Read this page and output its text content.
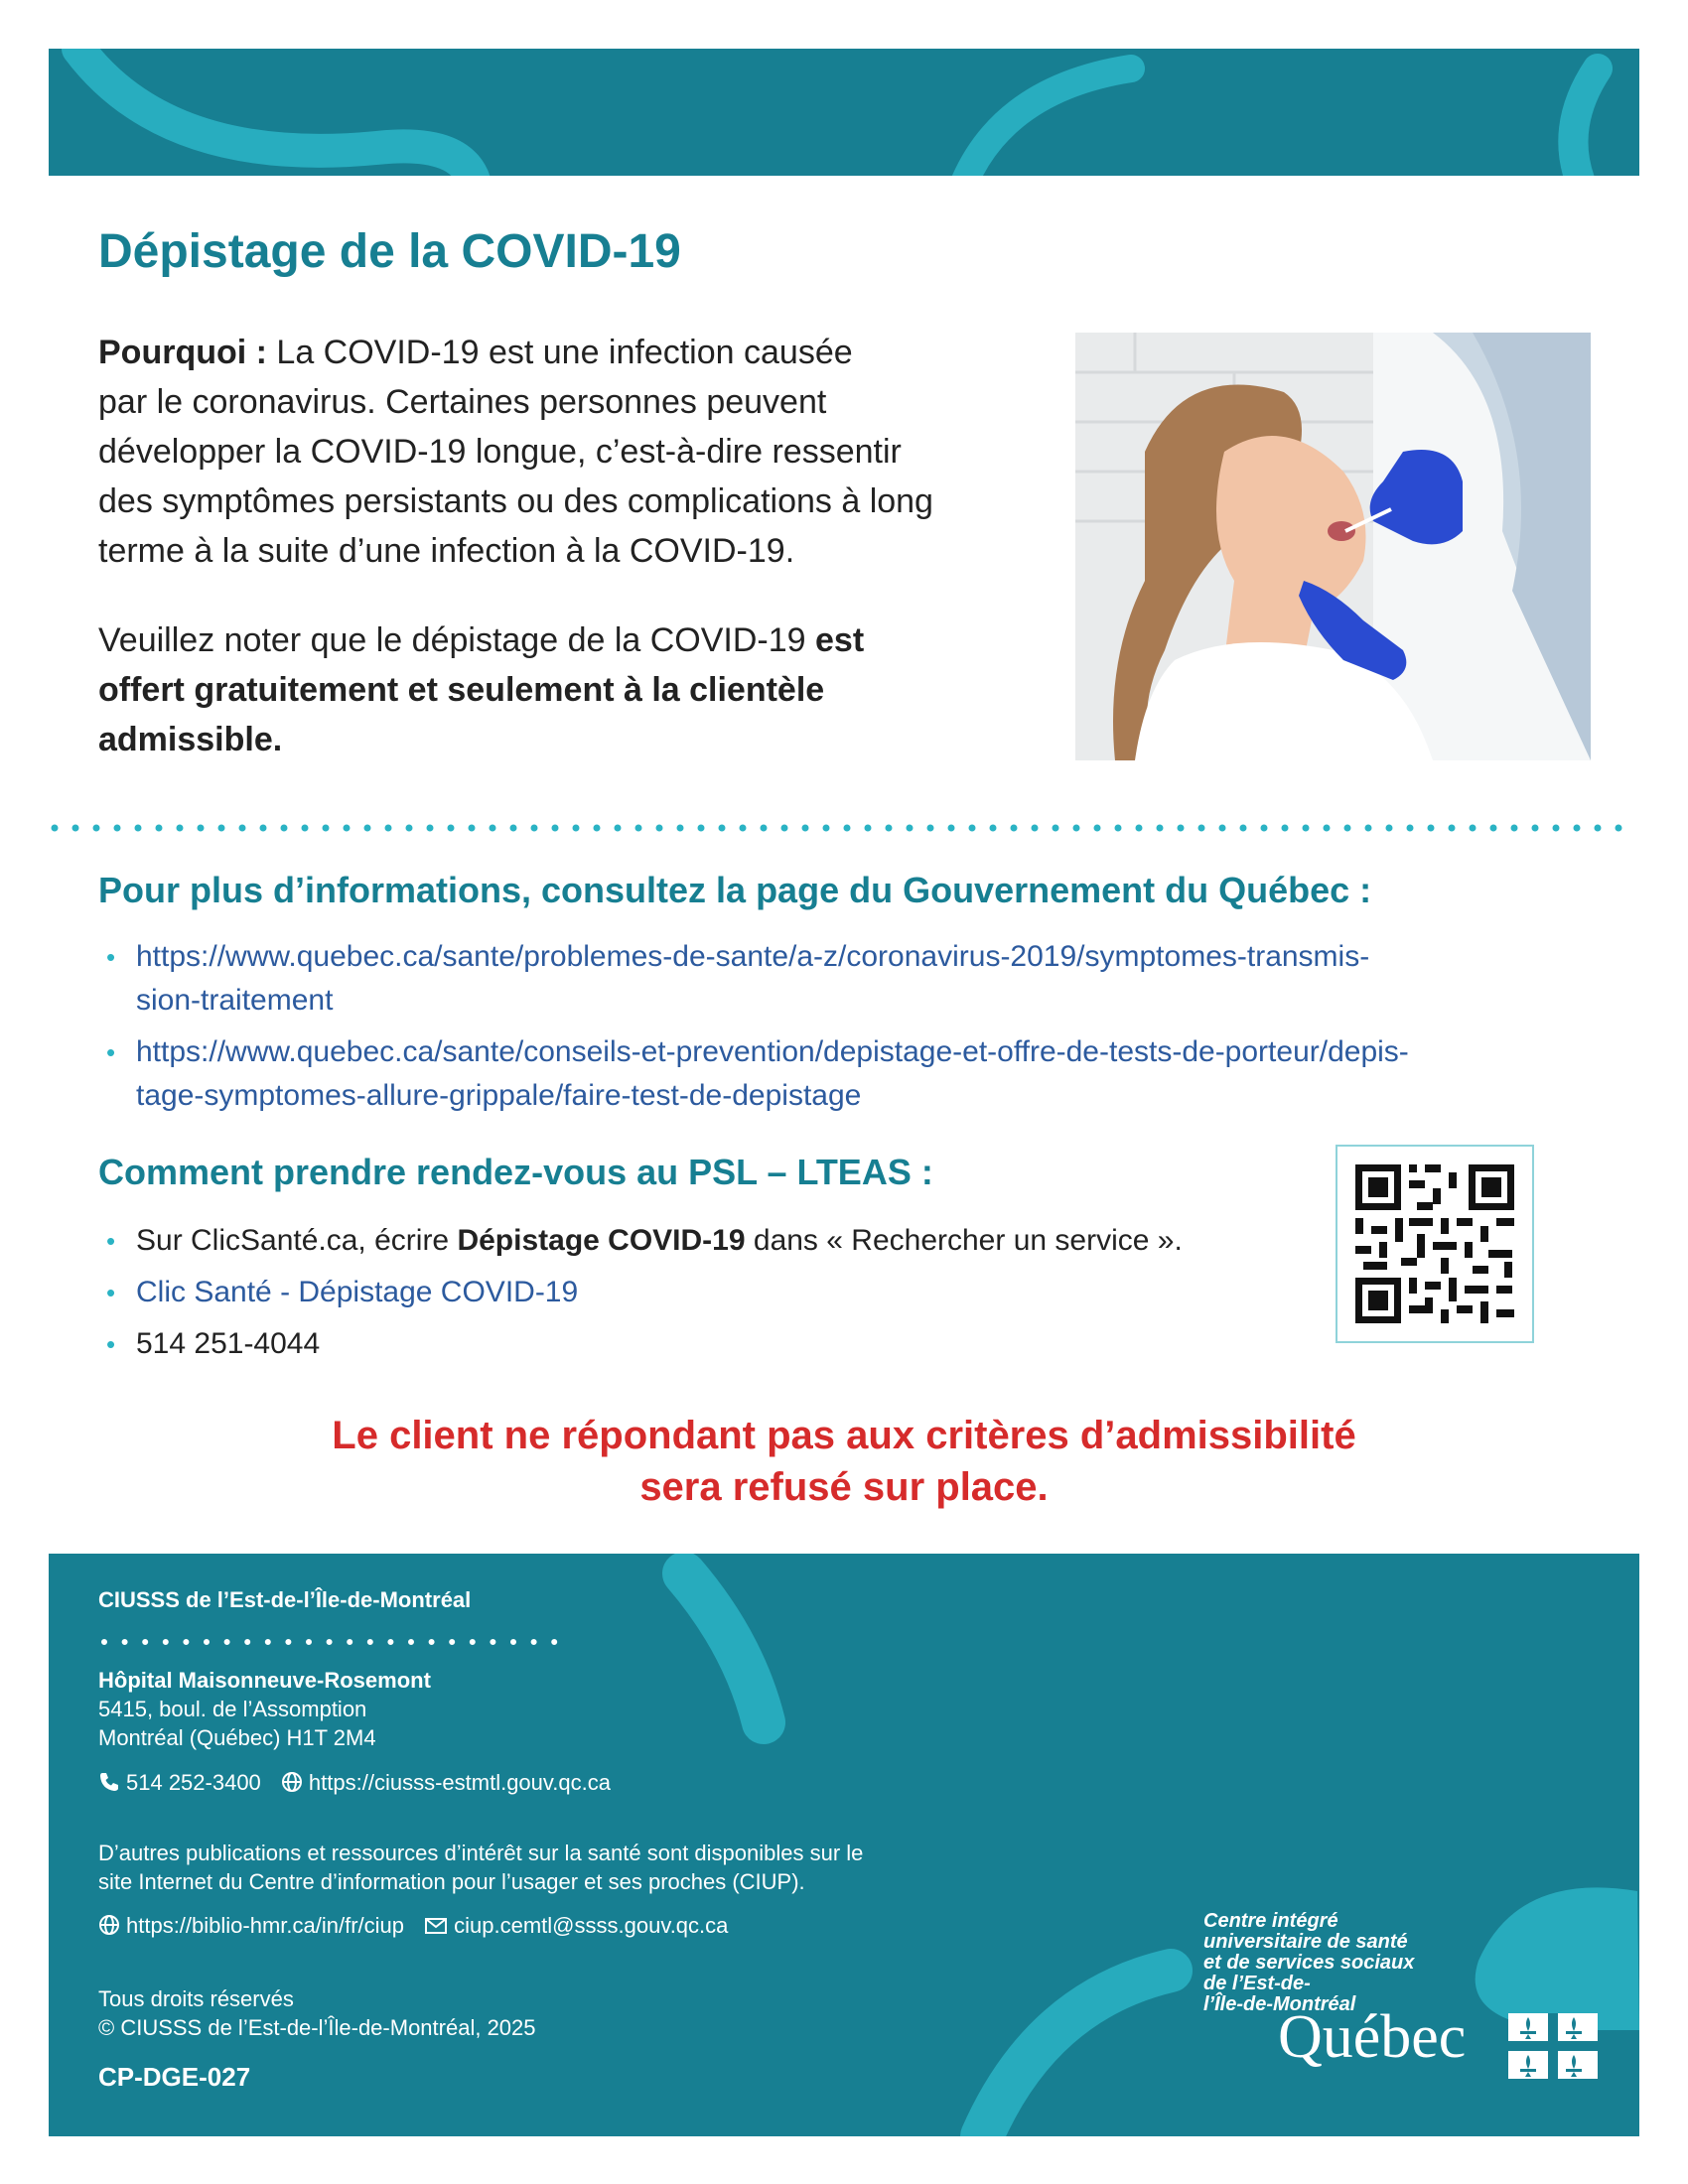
Dépistage de la COVID-19

Pourquoi : La COVID-19 est une infection causée
par le coronavirus. Certaines personnes peuvent
développer la COVID-19 longue, c’est-à-dire ressentir
des symptômes persistants ou des complications à long
terme à la suite d’une infection à la COVID-19.

Veuillez noter que le dépistage de la COVID-19 est
offert gratuitement et seulement à la clientèle
admissible.

Pour plus d’informations, consultez la page du Gouvernement du Québec :
• https://www.quebec.ca/sante/problemes-de-sante/a-z/coronavirus-2019/symptomes-transmis-
sion-traitement
• https://www.quebec.ca/sante/conseils-et-prevention/depistage-et-offre-de-tests-de-porteur/depis-
tage-symptomes-allure-grippale/faire-test-de-depistage
Comment prendre rendez-vous au PSL – LTEAS :
• Sur ClicSanté.ca, écrire Dépistage COVID-19 dans « Rechercher un service ».
• Clic Santé - Dépistage COVID-19
• 514 251-4044
Le client ne répondant pas aux critères d’admissibilité
sera refusé sur place.

CIUSSS de l’Est-de-l’Île-de-Montréal

Hôpital Maisonneuve-Rosemont

5415, boul. de l’Assomption

Montréal (Québec) H1T 2M4

514 252-3400 https://ciusss-estmtl.gouv.qc.ca

D’autres publications et ressources d’intérêt sur la santé sont disponibles sur le

site Internet du Centre d’information pour l’usager et ses proches (CIUP).

https://biblio-hmr.ca/in/fr/ciup ciup.cemtl@ssss.gouv.qc.ca

Tous droits réservés

© CIUSSS de l’Est-de-l’Île-de-Montréal, 2025

CP-DGE-027

Centre intégré
universitaire de santé
et de services sociaux
de l’Est-de-
l’Île-de-Montréal
Québec
